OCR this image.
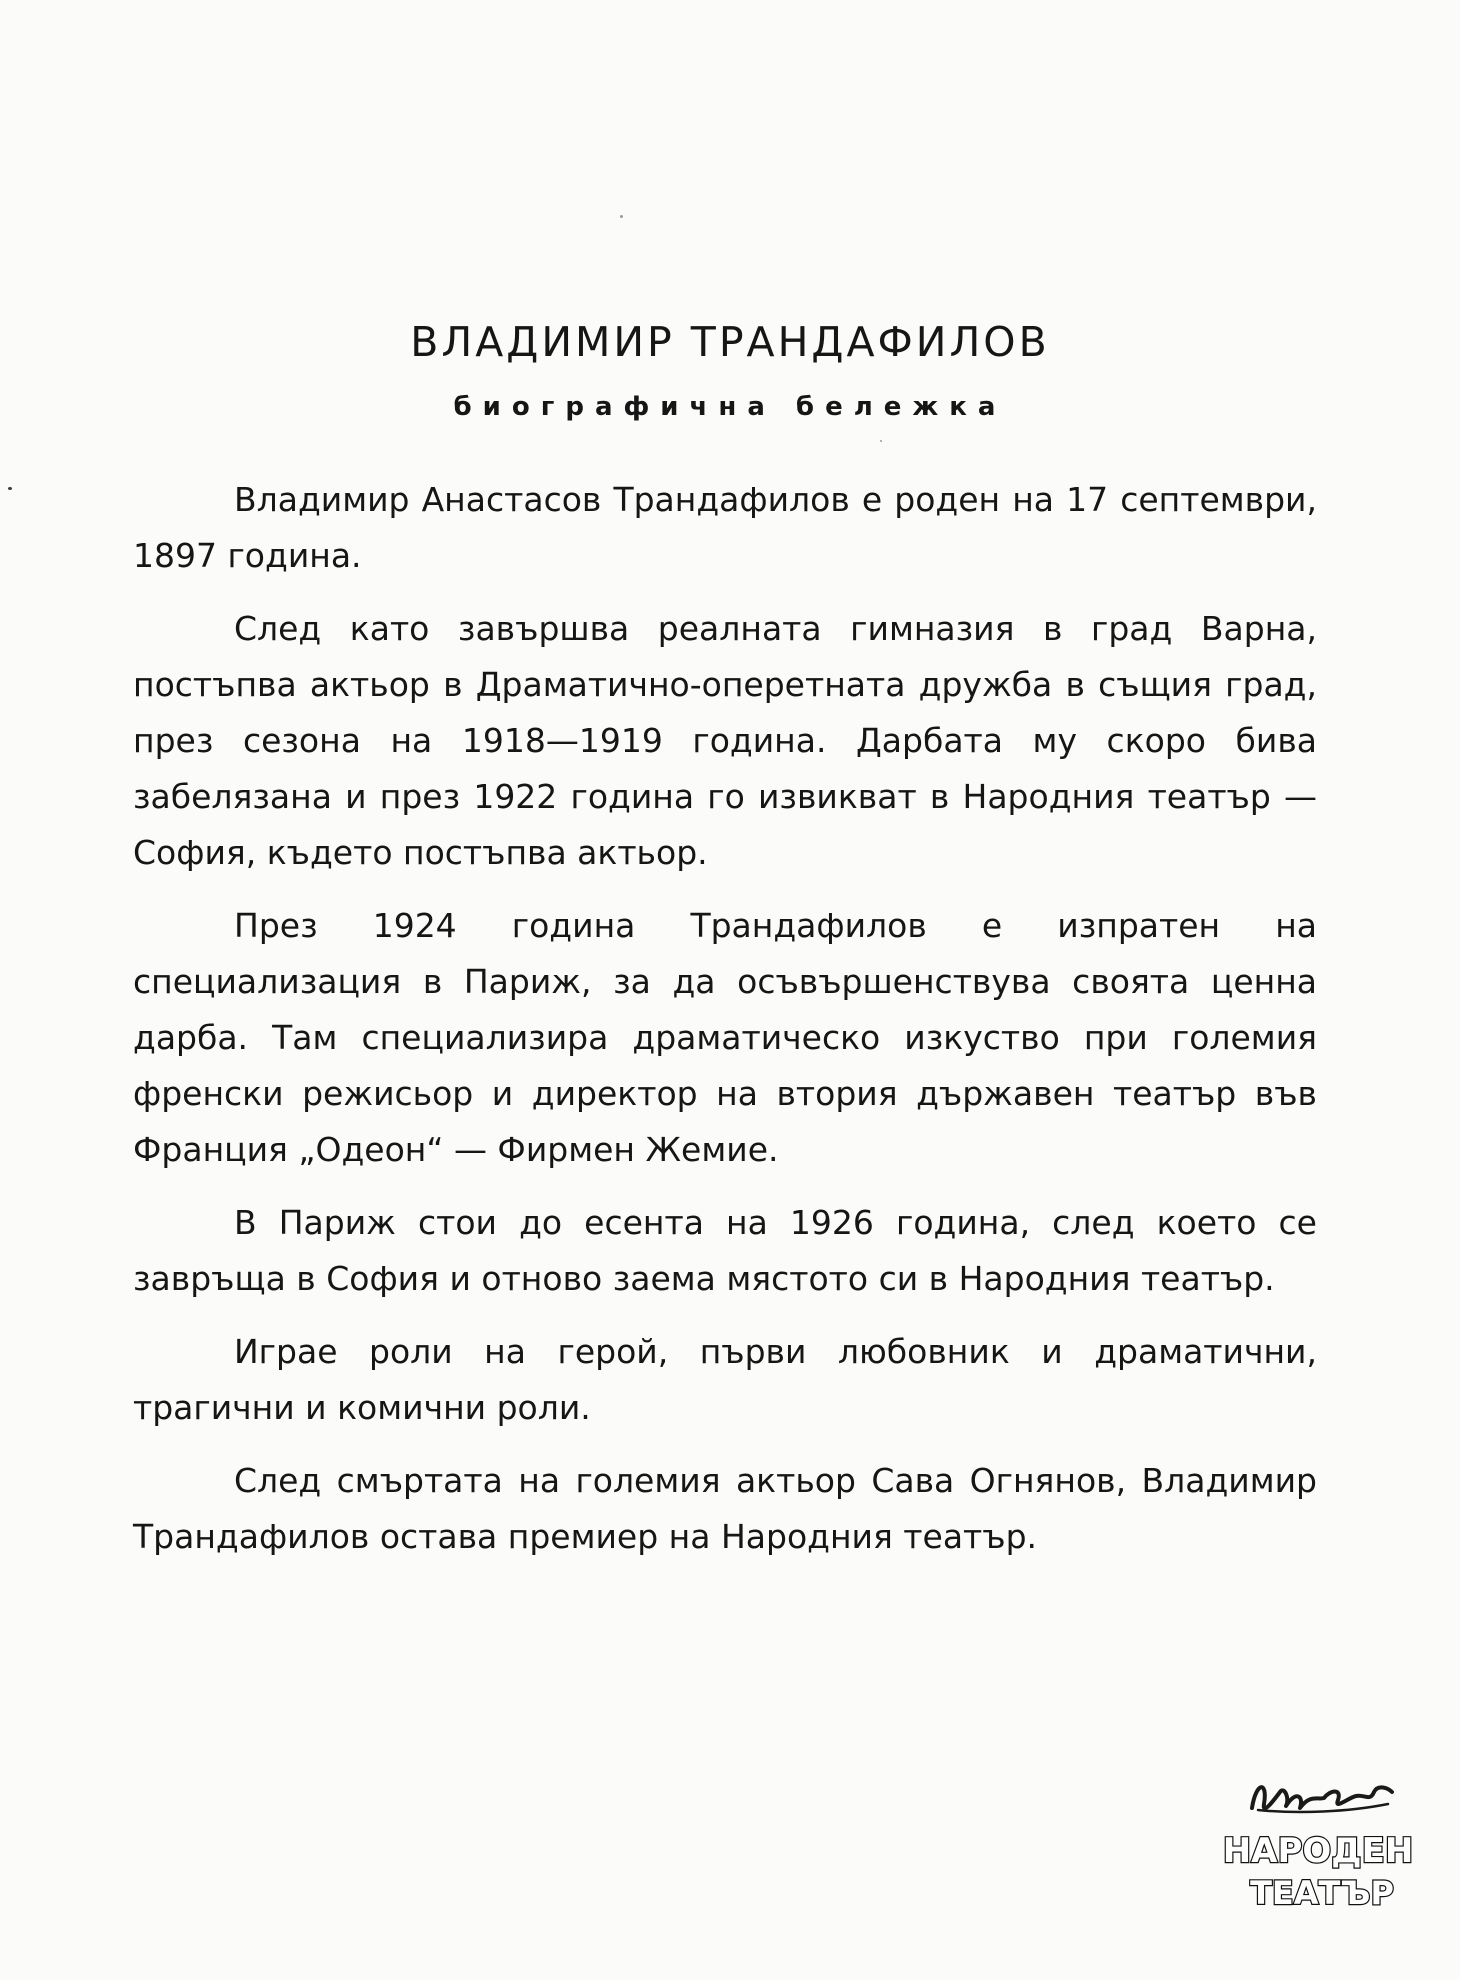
ВЛАДИМИР ТРАНДАФИЛОВ
биографична бележка

Владимир Анастасов Трандафилов е роден на 17 септември, 1897 година.

След като завършва реалната гимназия в град Варна, постъпва актьор в Драматично-оперетната дружба в същия град, през сезона на 1918—1919 година. Дарбата му скоро бива забелязана и през 1922 година го извикват в Народния театър — София, където постъпва актьор.

През 1924 година Трандафилов е изпратен на специализация в Париж, за да осъвършенствува своята ценна дарба. Там специализира драматическо изкуство при големия френски режисьор и директор на втория държавен театър във Франция „Одеон“ — Фирмен Жемие.

В Париж стои до есента на 1926 година, след което се завръща в София и отново заема мястото си в Народния театър.

Играе роли на герой, първи любовник и драматични, трагични и комични роли.

След смъртата на големия актьор Сава Огнянов, Владимир Трандафилов остава премиер на Народния театър.

НАРОДЕН
ТЕАТЪР
